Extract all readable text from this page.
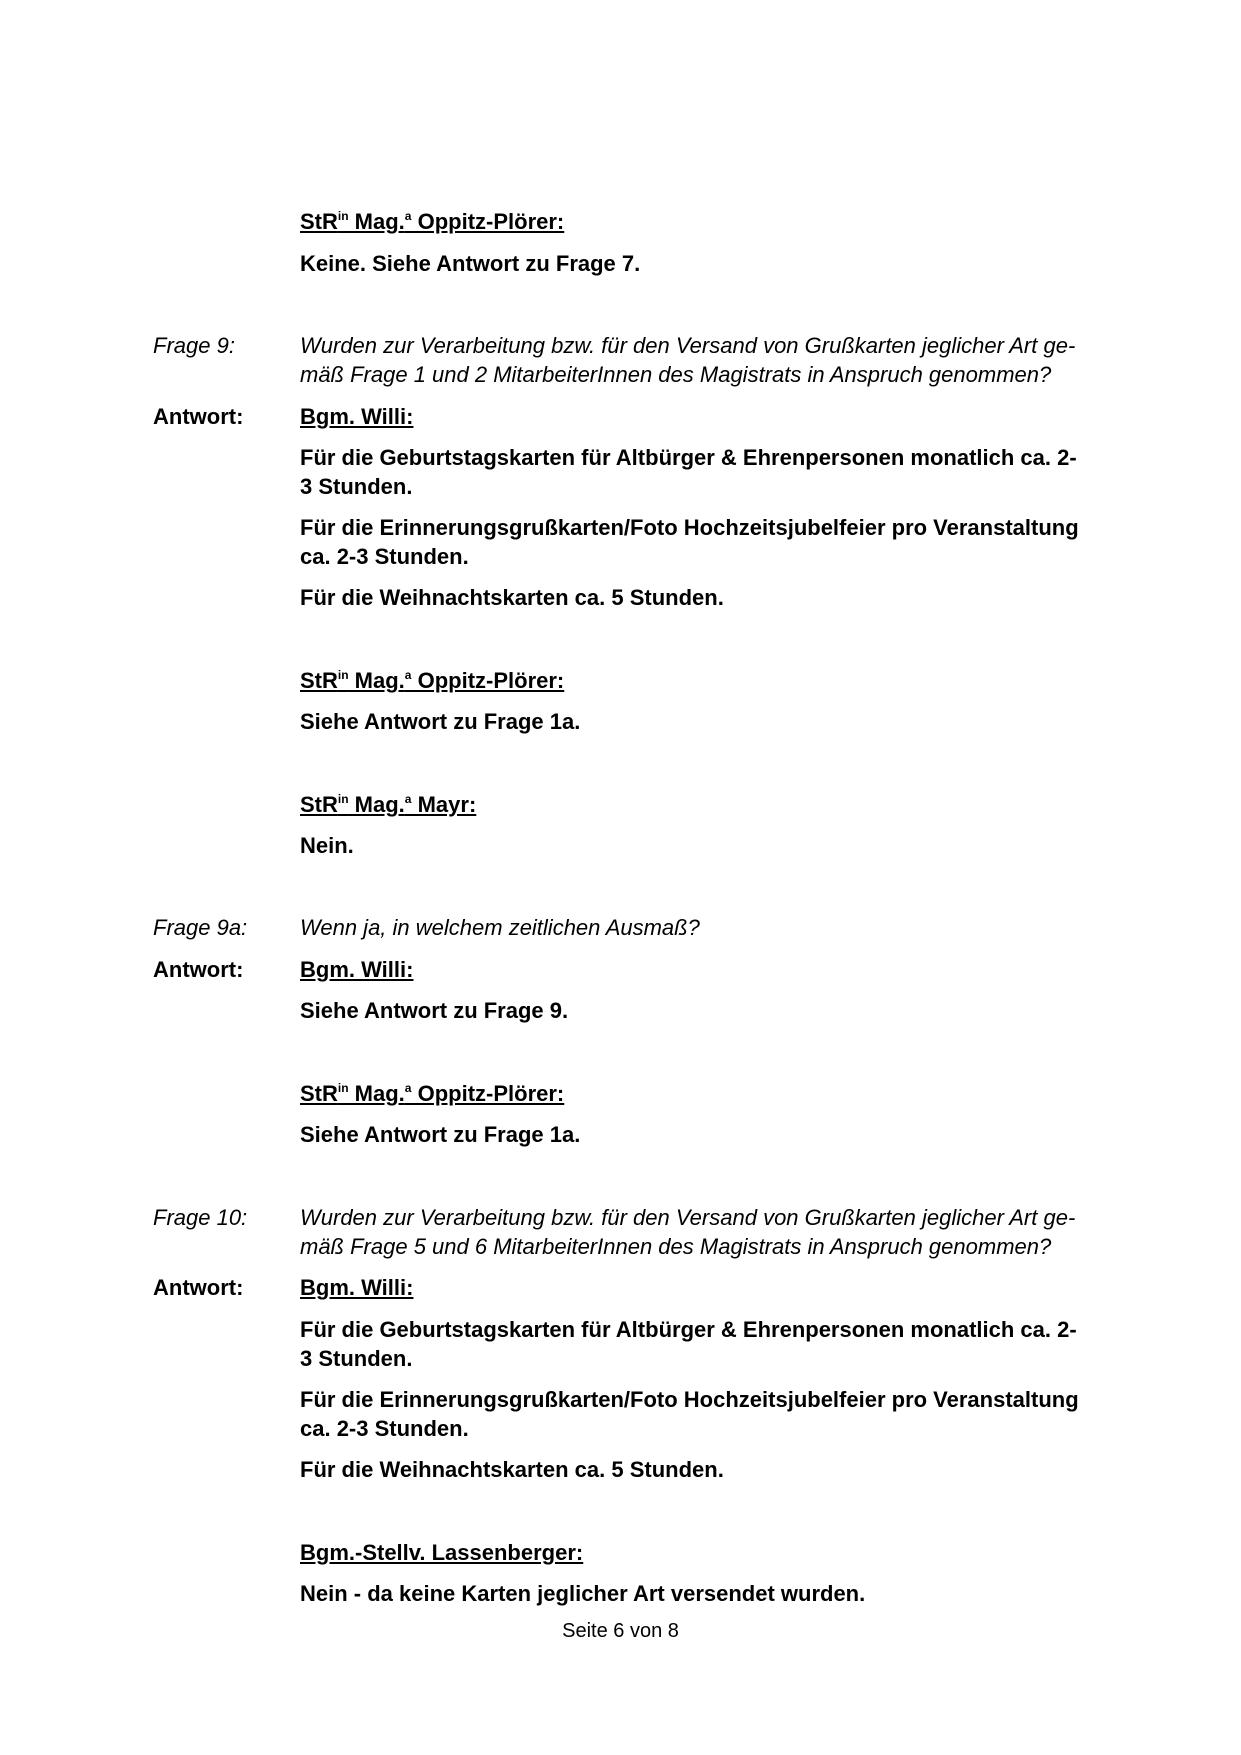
StR$^{in}$ Mag.$^a$ Oppitz-Plörer:
Keine. Siehe Antwort zu Frage 7.
Frage 9:	Wurden zur Verarbeitung bzw. für den Versand von Grußkarten jeglicher Art ge-
mäß Frage 1 und 2 MitarbeiterInnen des Magistrats in Anspruch genommen?
Antwort:	Bgm. Willi:
Für die Geburtstagskarten für Altbürger & Ehrenpersonen monatlich ca. 2-
3 Stunden.
Für die Erinnerungsgrußkarten/Foto Hochzeitsjubelfeier pro Veranstaltung
ca. 2-3 Stunden.
Für die Weihnachtskarten ca. 5 Stunden.
StR$^{in}$ Mag.$^a$ Oppitz-Plörer:
Siehe Antwort zu Frage 1a.
StR$^{in}$ Mag.$^a$ Mayr:
Nein.
Frage 9a: Wenn ja, in welchem zeitlichen Ausmaß?
Antwort:	Bgm. Willi:
Siehe Antwort zu Frage 9.
StR$^{in}$ Mag.$^a$ Oppitz-Plörer:
Siehe Antwort zu Frage 1a.
Frage 10: Wurden zur Verarbeitung bzw. für den Versand von Grußkarten jeglicher Art ge-
mäß Frage 5 und 6 MitarbeiterInnen des Magistrats in Anspruch genommen?
Antwort:	Bgm. Willi:
Für die Geburtstagskarten für Altbürger & Ehrenpersonen monatlich ca. 2-
3 Stunden.
Für die Erinnerungsgrußkarten/Foto Hochzeitsjubelfeier pro Veranstaltung
ca. 2-3 Stunden.
Für die Weihnachtskarten ca. 5 Stunden.
Bgm.-Stellv. Lassenberger:
Nein - da keine Karten jeglicher Art versendet wurden.
Seite 6 von 8
